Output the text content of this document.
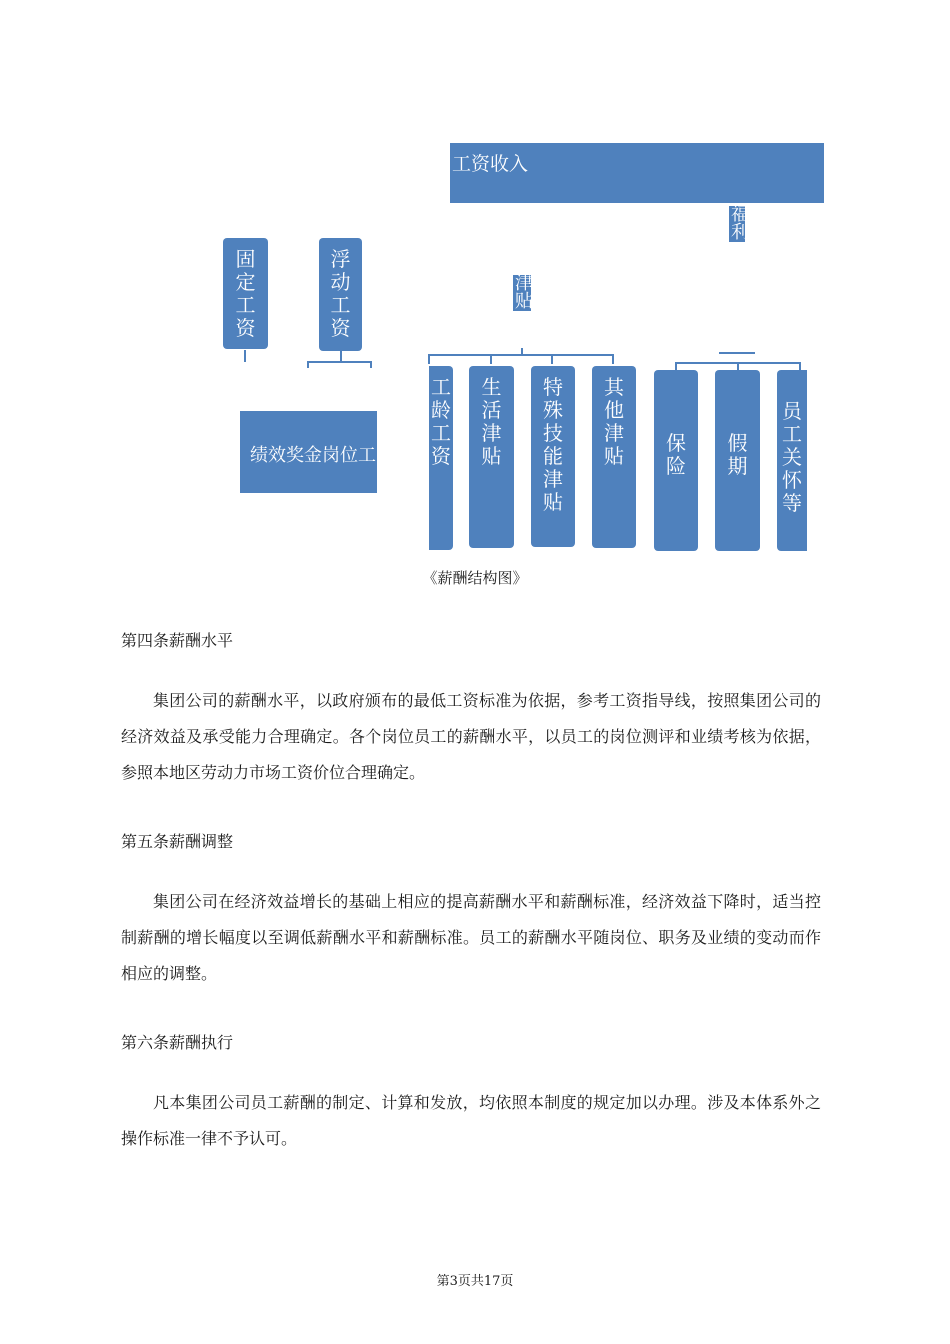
工资收入
固定工资
浮动工资
绩效奖金岗位工
津贴
工龄工资
生活津贴
特殊技能津贴
其他津贴
福利
保险
假期
员工关怀等
《薪酬结构图》
第四条薪酬水平
集团公司的薪酬水平，以政府颁布的最低工资标准为依据，参考工资指导线，按照集团公司的经济效益及承受能力合理确定。各个岗位员工的薪酬水平，以员工的岗位测评和业绩考核为依据，参照本地区劳动力市场工资价位合理确定。
第五条薪酬调整
集团公司在经济效益增长的基础上相应的提高薪酬水平和薪酬标准，经济效益下降时，适当控制薪酬的增长幅度以至调低薪酬水平和薪酬标准。员工的薪酬水平随岗位、职务及业绩的变动而作相应的调整。
第六条薪酬执行
凡本集团公司员工薪酬的制定、计算和发放，均依照本制度的规定加以办理。涉及本体系外之操作标准一律不予认可。
第3页共17页
